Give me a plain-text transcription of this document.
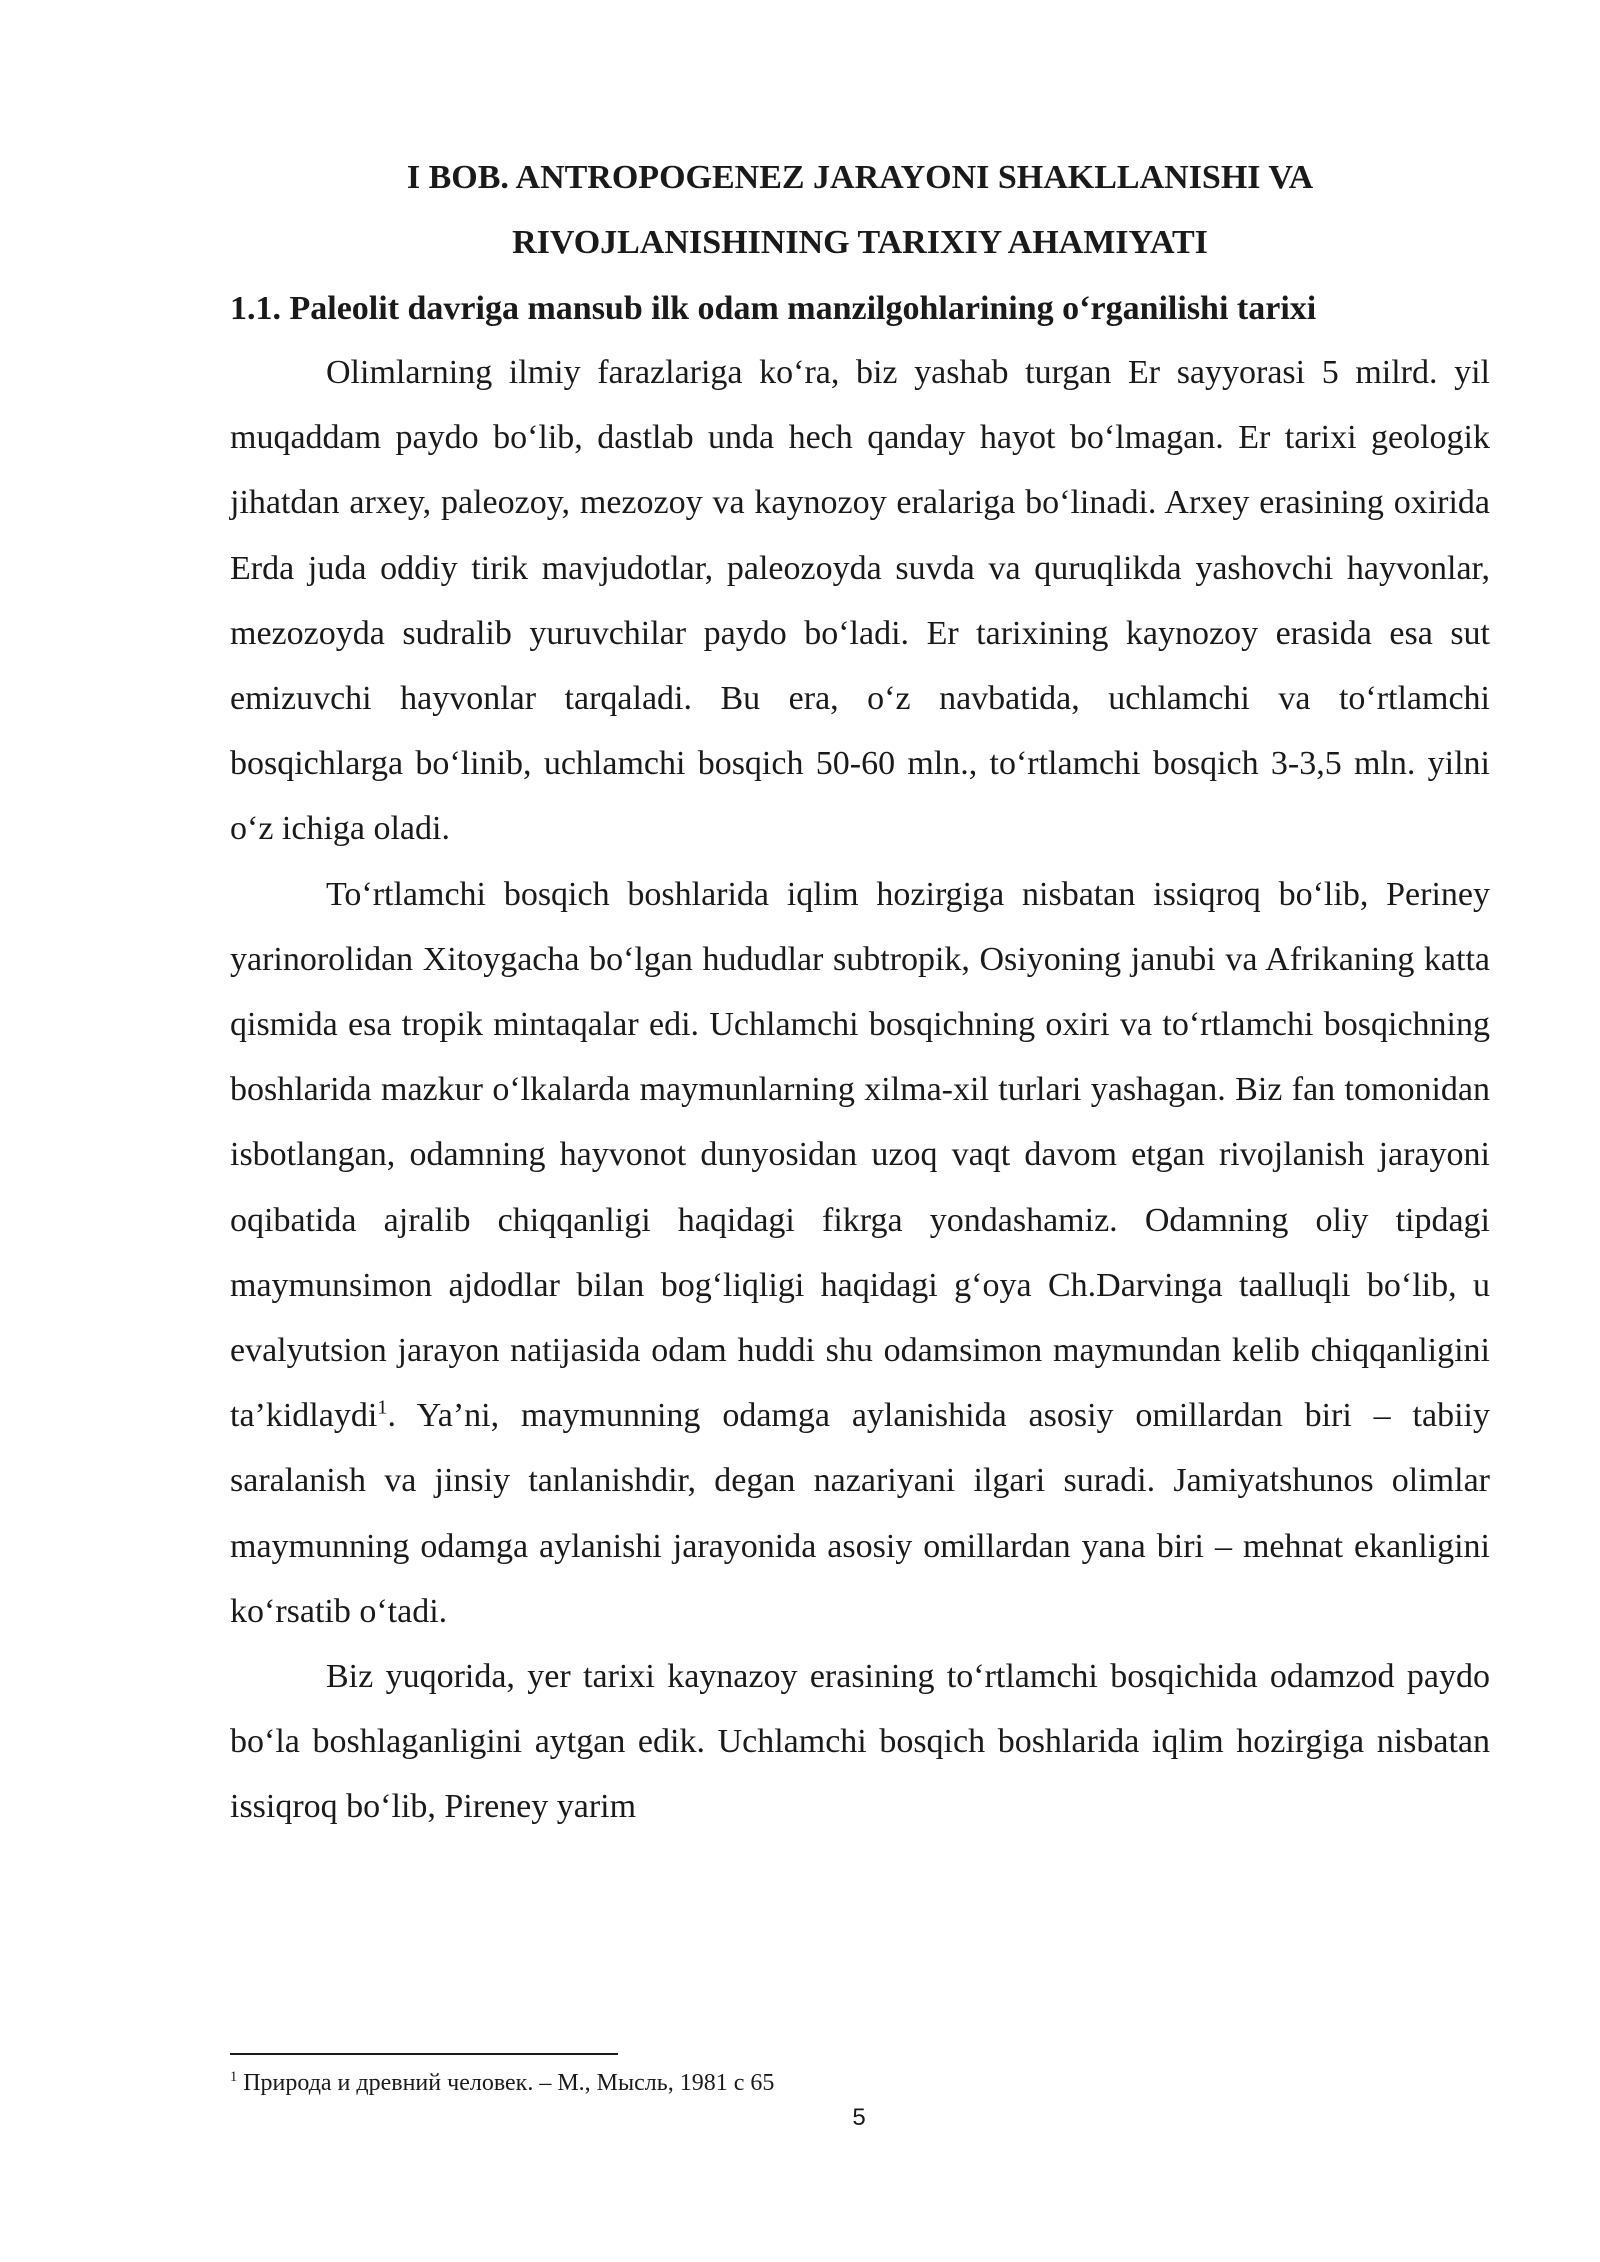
I BOB. ANTROPOGENEZ JARAYONI SHAKLLANISHI VA
RIVOJLANISHINING TARIXIY AHAMIYATI
1.1. Paleolit davriga mansub ilk odam manzilgohlarining o‘rganilishi tarixi

Olimlarning ilmiy farazlariga ko‘ra, biz yashab turgan Er sayyorasi 5 milrd. yil muqaddam paydo bo‘lib, dastlab unda hech qanday hayot bo‘lmagan. Er tarixi geologik jihatdan arxey, paleozoy, mezozoy va kaynozoy eralariga bo‘linadi. Arxey erasining oxirida Erda juda oddiy tirik mavjudotlar, paleozoyda suvda va quruqlikda yashovchi hayvonlar, mezozoyda sudralib yuruvchilar paydo bo‘ladi. Er tarixining kaynozoy erasida esa sut emizuvchi hayvonlar tarqaladi. Bu era, o‘z navbatida, uchlamchi va to‘rtlamchi bosqichlarga bo‘linib, uchlamchi bosqich 50-60 mln., to‘rtlamchi bosqich 3-3,5 mln. yilni o‘z ichiga oladi.

To‘rtlamchi bosqich boshlarida iqlim hozirgiga nisbatan issiqroq bo‘lib, Periney yarinorolidan Xitoygacha bo‘lgan hududlar subtropik, Osiyoning janubi va Afrikaning katta qismida esa tropik mintaqalar edi. Uchlamchi bosqichning oxiri va to‘rtlamchi bosqichning boshlarida mazkur o‘lkalarda maymunlarning xilma-xil turlari yashagan. Biz fan tomonidan isbotlangan, odamning hayvonot dunyosidan uzoq vaqt davom etgan rivojlanish jarayoni oqibatida ajralib chiqqanligi haqidagi fikrga yondashamiz. Odamning oliy tipdagi maymunsimon ajdodlar bilan bog‘liqligi haqidagi g‘oya Ch.Darvinga taalluqli bo‘lib, u evalyutsion jarayon natijasida odam huddi shu odamsimon maymundan kelib chiqqanligini ta’kidlaydi$^1$. Ya’ni, maymunning odamga aylanishida asosiy omillardan biri – tabiiy saralanish va jinsiy tanlanishdir, degan nazariyani ilgari suradi. Jamiyatshunos olimlar maymunning odamga aylanishi jarayonida asosiy omillardan yana biri – mehnat ekanligini ko‘rsatib o‘tadi.

Biz yuqorida, yer tarixi kaynazoy erasining to‘rtlamchi bosqichida odamzod paydo bo‘la boshlaganligini aytgan edik. Uchlamchi bosqich boshlarida iqlim hozirgiga nisbatan issiqroq bo‘lib, Pireney yarim

$^1$ Природа и древний человек. – М., Мысль, 1981 с 65
5
